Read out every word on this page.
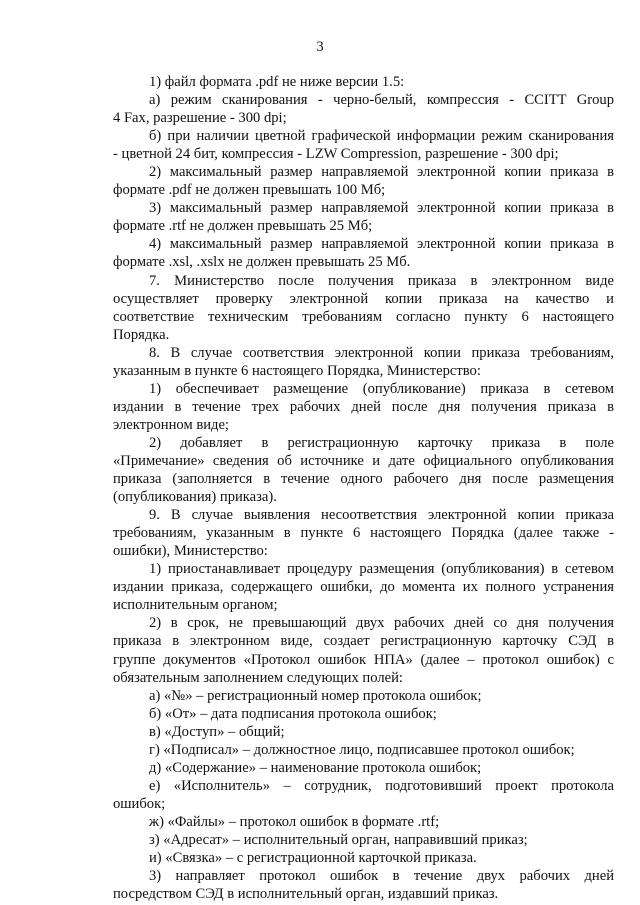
3
1) файл формата .pdf не ниже версии 1.5:
а) режим сканирования - черно-белый, компрессия - CCITT Group
4 Fax, разрешение - 300 dpi;
б) при наличии цветной графической информации режим сканирования
- цветной 24 бит, компрессия - LZW Compression, разрешение - 300 dpi;
2) максимальный размер направляемой электронной копии приказа в
формате .pdf не должен превышать 100 Мб;
3) максимальный размер направляемой электронной копии приказа в
формате .rtf не должен превышать 25 Мб;
4) максимальный размер направляемой электронной копии приказа в
формате .xsl, .xslx не должен превышать 25 Мб.
7. Министерство после получения приказа в электронном виде
осуществляет проверку электронной копии приказа на качество и
соответствие техническим требованиям согласно пункту 6 настоящего
Порядка.
8. В случае соответствия электронной копии приказа требованиям,
указанным в пункте 6 настоящего Порядка, Министерство:
1) обеспечивает размещение (опубликование) приказа в сетевом
издании в течение трех рабочих дней после дня получения приказа в
электронном виде;
2) добавляет в регистрационную карточку приказа в поле
«Примечание» сведения об источнике и дате официального опубликования
приказа (заполняется в течение одного рабочего дня после размещения
(опубликования) приказа).
9. В случае выявления несоответствия электронной копии приказа
требованиям, указанным в пункте 6 настоящего Порядка (далее также -
ошибки), Министерство:
1) приостанавливает процедуру размещения (опубликования) в сетевом
издании приказа, содержащего ошибки, до момента их полного устранения
исполнительным органом;
2) в срок, не превышающий двух рабочих дней со дня получения
приказа в электронном виде, создает регистрационную карточку СЭД в
группе документов «Протокол ошибок НПА» (далее – протокол ошибок) с
обязательным заполнением следующих полей:
а) «№» – регистрационный номер протокола ошибок;
б) «От» – дата подписания протокола ошибок;
в) «Доступ» – общий;
г) «Подписал» – должностное лицо, подписавшее протокол ошибок;
д) «Содержание» – наименование протокола ошибок;
е) «Исполнитель» – сотрудник, подготовивший проект протокола
ошибок;
ж) «Файлы» – протокол ошибок в формате .rtf;
з) «Адресат» – исполнительный орган, направивший приказ;
и) «Связка» – с регистрационной карточкой приказа.
3) направляет протокол ошибок в течение двух рабочих дней
посредством СЭД в исполнительный орган, издавший приказ.
